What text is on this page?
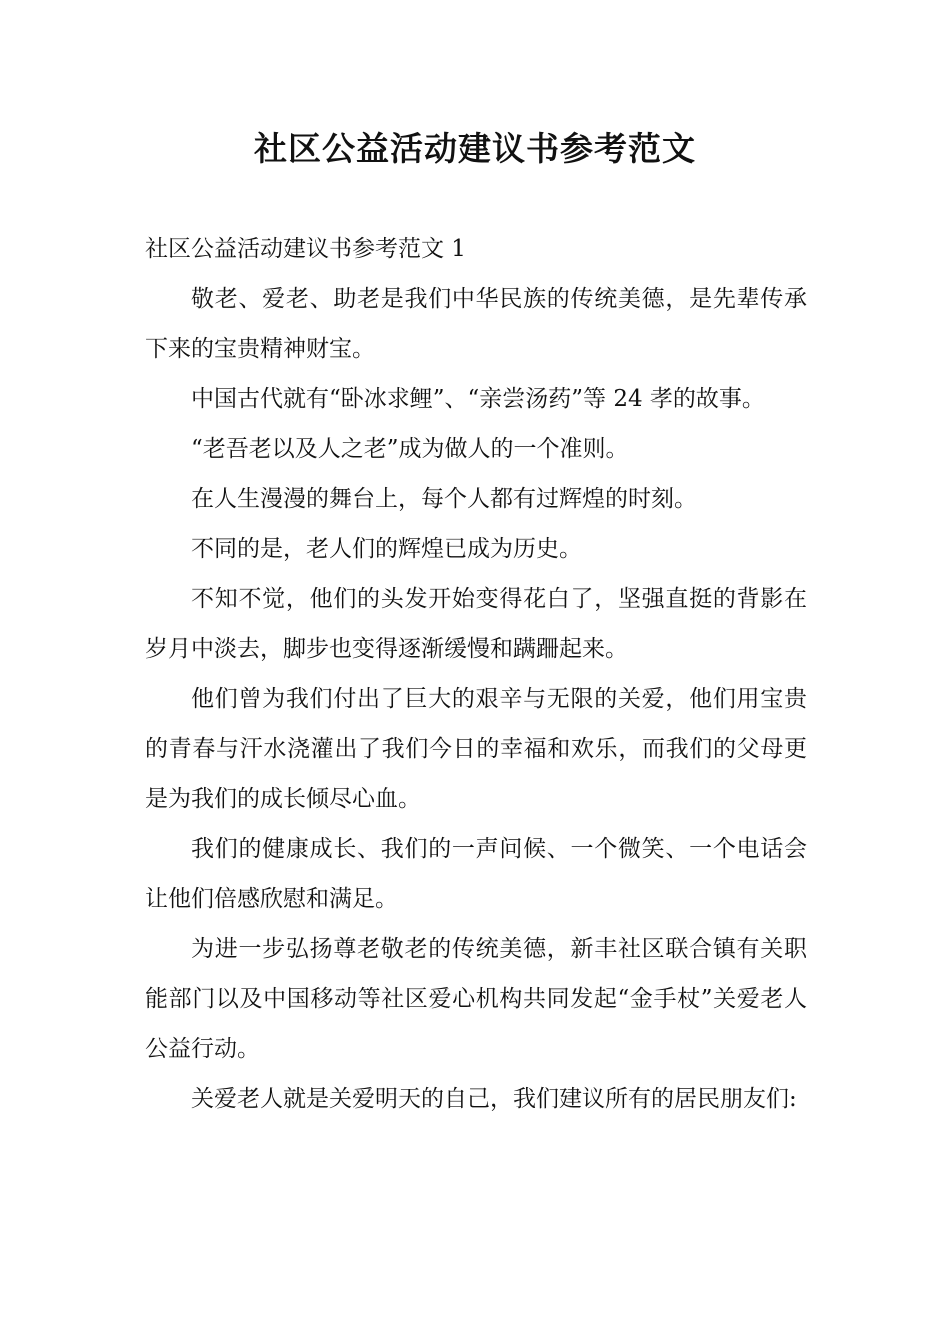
社区公益活动建议书参考范文

社区公益活动建议书参考范文 1

敬老、爱老、助老是我们中华民族的传统美德，是先辈传承下来的宝贵精神财宝。

中国古代就有“卧冰求鲤”、“亲尝汤药”等 24 孝的故事。

“老吾老以及人之老”成为做人的一个准则。

在人生漫漫的舞台上，每个人都有过辉煌的时刻。

不同的是，老人们的辉煌已成为历史。

不知不觉，他们的头发开始变得花白了，坚强直挺的背影在岁月中淡去，脚步也变得逐渐缓慢和蹒跚起来。

他们曾为我们付出了巨大的艰辛与无限的关爱，他们用宝贵的青春与汗水浇灌出了我们今日的幸福和欢乐，而我们的父母更是为我们的成长倾尽心血。

我们的健康成长、我们的一声问候、一个微笑、一个电话会让他们倍感欣慰和满足。

为进一步弘扬尊老敬老的传统美德，新丰社区联合镇有关职能部门以及中国移动等社区爱心机构共同发起“金手杖”关爱老人公益行动。

关爱老人就是关爱明天的自己，我们建议所有的居民朋友们:
